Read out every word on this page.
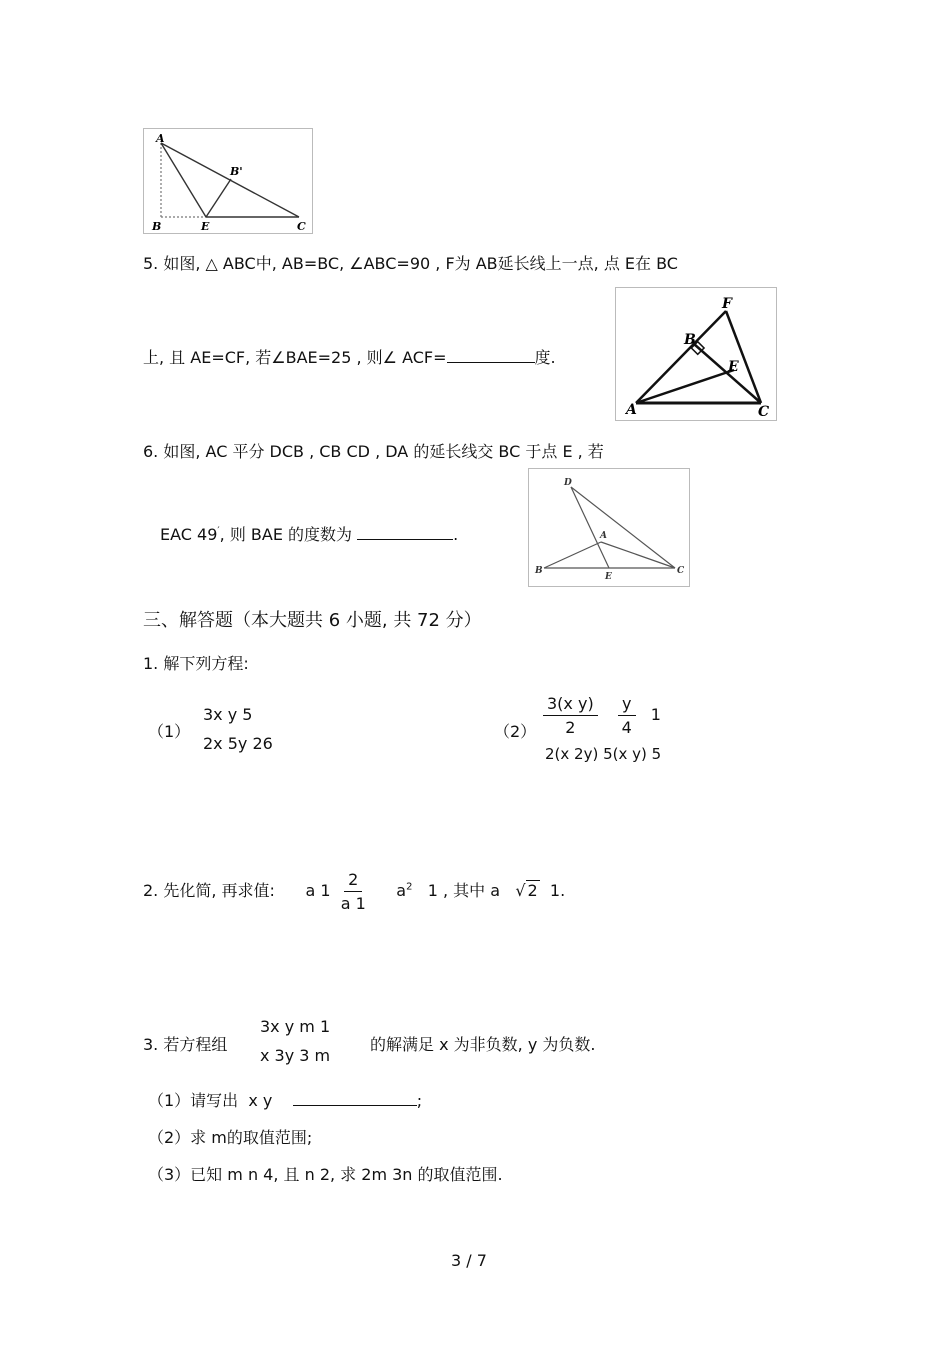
A
B
B'
E	C
5. 如图, △ ABC中, AB=BC, ∠ABC=90 , F为 AB延长线上一点, 点 E在 BC
上, 且 AE=CF, 若∠BAE=25 , 则∠ ACF=	度.
A
B
C
E
F
6. 如图, AC 平分 DCB , CB CD , DA 的延长线交 BC 于点 E , 若
EAC 49′, 则 BAE 的度数为	.
D
A
B
E
C
三、解答题（本大题共 6 小题, 共 72 分）
1. 解下列方程:
（1）
3x y 5
2x 5y 26
$(2) \frac{\text{3(x y)}}{2}$
$\frac{y}{4} 1$
2(x 2y) 5(x y) 5
2. 先化简, 再求值: a $1 \frac{2}{a 1} a^2$ 1 , 其中 a   √ 2 1.
3. 若方程组
3x y m 1
x 3y 3 m
的解满足 x 为非负数, y 为负数.
（1）请写出 x y	;
（2）求 m的取值范围;
（3）已知 m n 4, 且 n 2, 求 2m 3n 的取值范围.
3 / 7
